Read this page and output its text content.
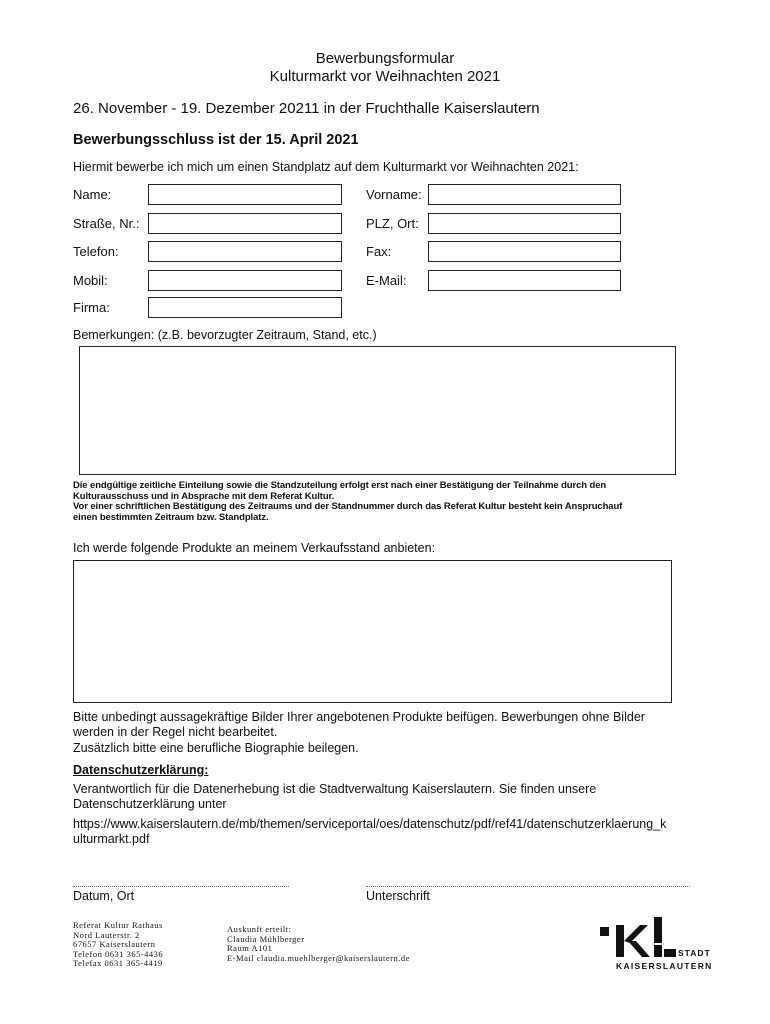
Bewerbungsformular
Kulturmarkt vor Weihnachten 2021
26. November - 19. Dezember 20211 in der Fruchthalle Kaiserslautern
Bewerbungsschluss ist der 15. April 2021
Hiermit bewerbe ich mich um einen Standplatz auf dem Kulturmarkt vor Weihnachten 2021:
Name:	Vorname:
Straße, Nr.:	PLZ, Ort:
Telefon:	Fax:
Mobil:	E-Mail:
Firma:
Bemerkungen: (z.B. bevorzugter Zeitraum, Stand, etc.)
Die endgültige zeitliche Einteilung sowie die Standzuteilung erfolgt erst nach einer Bestätigung der Teilnahme durch den
Kulturausschuss und in Absprache mit dem Referat Kultur.
Vor einer schriftlichen Bestätigung des Zeitraums und der Standnummer durch das Referat Kultur besteht kein Anspruchauf
einen bestimmten Zeitraum bzw. Standplatz.
Ich werde folgende Produkte an meinem Verkaufsstand anbieten:
Bitte unbedingt aussagekräftige Bilder Ihrer angebotenen Produkte beifügen. Bewerbungen ohne Bilder
werden in der Regel nicht bearbeitet.
Zusätzlich bitte eine berufliche Biographie beilegen.
Datenschutzerklärung:
Verantwortlich für die Datenerhebung ist die Stadtverwaltung Kaiserslautern. Sie finden unsere
Datenschutzerklärung unter
https://www.kaiserslautern.de/mb/themen/serviceportal/oes/datenschutz/pdf/ref41/datenschutzerklaerung_k
ulturmarkt.pdf
Datum, Ort	Unterschrift
Referat Kultur Rathaus
Nord Lauterstr. 2
67657 Kaiserslautern
Telefon 0631 365-4436
Telefax 0631 365-4419
Auskunft erteilt:
Claudia Mühlberger
Raum A101
E-Mail claudia.muehlberger@kaiserslautern.de	STADT
KAISERSLAUTERN
